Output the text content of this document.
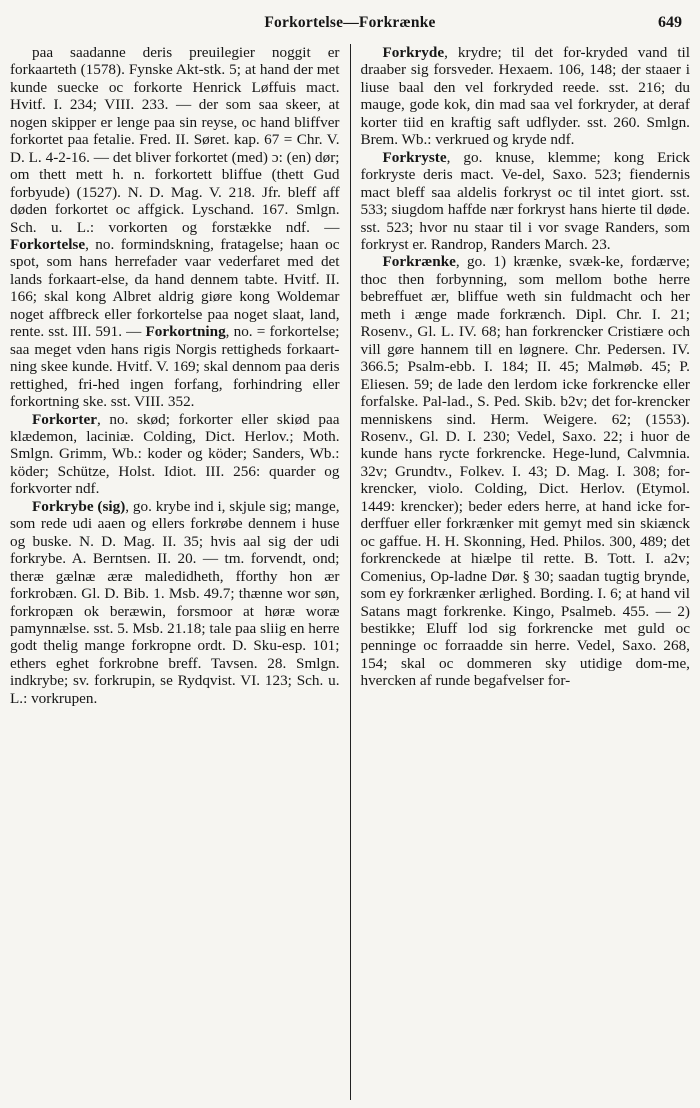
Forkortelse—Forkrænke	649

paa saadanne deris preuilegier noggit er forkaarteth (1578). Fynske Akt-stk. 5; at hand der met kunde suecke oc forkorte Henrick Løffuis mact. Hvitf. I. 234; VIII. 233. — der som saa skeer, at nogen skipper er lenge paa sin reyse, oc hand bliffver forkortet paa fetalie. Fred. II. Søret. kap. 67 = Chr. V. D. L. 4-2-16. — det bliver forkortet (med) ɔ: (en) dør; om thett mett h. n. forkortett bliffue (thett Gud forbyude) (1527). N. D. Mag. V. 218. Jfr. bleff aff døden forkortet oc affgick. Lyschand. 167. Smlgn. Sch. u. L.: vorkorten og forstække ndf. — Forkortelse, no. formindskning, fratagelse; haan oc spot, som hans herrefader vaar vederfaret med det lands forkaart-else, da hand dennem tabte. Hvitf. II. 166; skal kong Albret aldrig giøre kong Woldemar noget affbreck eller forkortelse paa noget slaat, land, rente. sst. III. 591. — Forkortning, no. = forkortelse; saa meget vden hans rigis Norgis rettigheds forkaart-ning skee kunde. Hvitf. V. 169; skal dennom paa deris rettighed, fri-hed ingen forfang, forhindring eller forkortning ske. sst. VIII. 352.

Forkorter, no. skød; forkorter eller skiød paa klædemon, laciniæ. Colding, Dict. Herlov.; Moth. Smlgn. Grimm, Wb.: koder og köder; Sanders, Wb.: köder; Schütze, Holst. Idiot. III. 256: quarder og forkvorter ndf.

Forkrybe (sig), go. krybe ind i, skjule sig; mange, som rede udi aaen og ellers forkrøbe dennem i huse og buske. N. D. Mag. II. 35; hvis aal sig der udi forkrybe. A. Berntsen. II. 20. — tm. forvendt, ond; theræ gælnæ æræ maledidheth, fforthy hon ær forkrobæn. Gl. D. Bib. 1. Msb. 49.7; thænne wor søn, forkropæn ok beræwin, forsmoor at høræ woræ pamynnælse. sst. 5. Msb. 21.18; tale paa sliig en herre godt thelig mange forkropne ordt. D. Sku-esp. 101; ethers eghet forkrobne breff. Tavsen. 28. Smlgn. indkrybe; sv. forkrupin, se Rydqvist. VI. 123; Sch. u. L.: vorkrupen.

Forkryde, krydre; til det for-kryded vand til draaber sig forsveder. Hexaem. 106, 148; der staaer i liuse baal den vel forkryded reede. sst. 216; du mauge, gode kok, din mad saa vel forkryder, at deraf korter tiid en kraftig saft udflyder. sst. 260. Smlgn. Brem. Wb.: verkrued og kryde ndf.

Forkryste, go. knuse, klemme; kong Erick forkryste deris mact. Ve-del, Saxo. 523; fiendernis mact bleff saa aldelis forkryst oc til intet giort. sst. 533; siugdom haffde nær forkryst hans hierte til døde. sst. 523; hvor nu staar til i vor svage Randers, som forkryst er. Randrop, Randers March. 23.

Forkrænke, go. 1) krænke, svæk-ke, fordærve; thoc then forbynning, som mellom bothe herre bebreffuet ær, bliffue weth sin fuldmacht och her meth i ænge made forkrænch. Dipl. Chr. I. 21; Rosenv., Gl. L. IV. 68; han forkrencker Cristiære och vill gøre hannem till en løgnere. Chr. Pedersen. IV. 366.5; Psalm-ebb. I. 184; II. 45; Malmøb. 45; P. Eliesen. 59; de lade den lerdom icke forkrencke eller forfalske. Pal-lad., S. Ped. Skib. b2v; det for-krencker menniskens sind. Herm. Weigere. 62; (1553). Rosenv., Gl. D. I. 230; Vedel, Saxo. 22; i huor de kunde hans rycte forkrencke. Hege-lund, Calvmnia. 32v; Grundtv., Folkev. I. 43; D. Mag. I. 308; for-krencker, violo. Colding, Dict. Herlov. (Etymol. 1449: krencker); beder eders herre, at hand icke for-derffuer eller forkrænker mit gemyt med sin skiænck oc gaffue. H. H. Skonning, Hed. Philos. 300, 489; det forkrenckede at hiælpe til rette. B. Tott. I. a2v; Comenius, Op-ladne Dør. § 30; saadan tugtig brynde, som ey forkrænker ærlighed. Bording. I. 6; at hand vil Satans magt forkrenke. Kingo, Psalmeb. 455. — 2) bestikke; Eluff lod sig forkrencke met guld oc penninge oc forraadde sin herre. Vedel, Saxo. 268, 154; skal oc dommeren sky utidige dom-me, hvercken af runde begafvelser for-
